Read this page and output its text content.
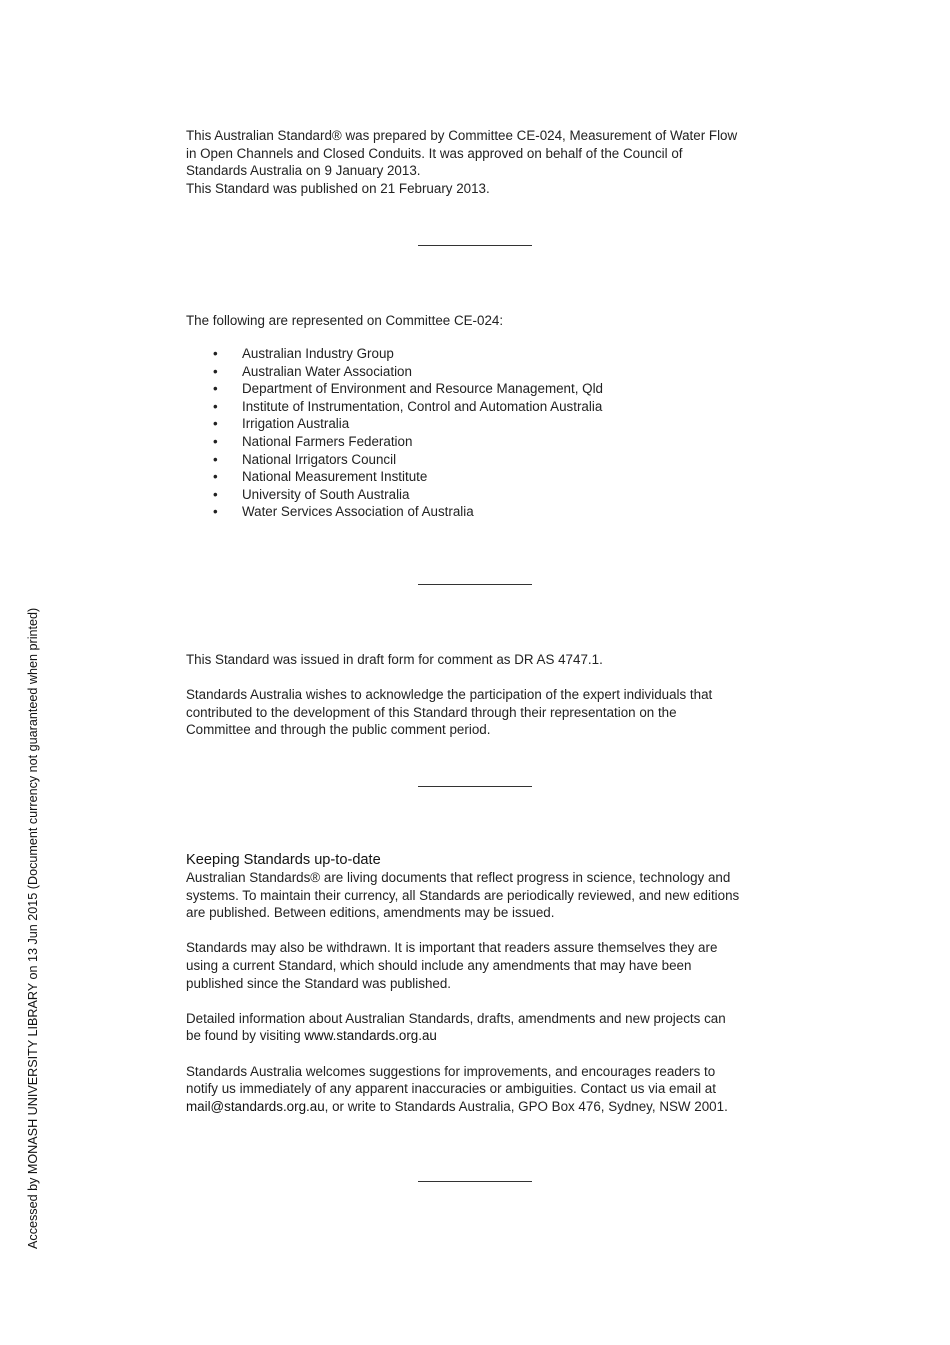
This Australian Standard® was prepared by Committee CE-024, Measurement of Water Flow

in Open Channels and Closed Conduits. It was approved on behalf of the Council of

Standards Australia on 9 January 2013.

This Standard was published on 21 February 2013.

The following are represented on Committee CE-024:

• Australian Industry Group
• Australian Water Association
• Department of Environment and Resource Management, Qld
• Institute of Instrumentation, Control and Automation Australia
• Irrigation Australia
• National Farmers Federation
• National Irrigators Council
• National Measurement Institute
• University of South Australia
• Water Services Association of Australia

This Standard was issued in draft form for comment as DR AS 4747.1.

Standards Australia wishes to acknowledge the participation of the expert individuals that

contributed to the development of this Standard through their representation on the

Committee and through the public comment period.

Keeping Standards up-to-date

Australian Standards® are living documents that reflect progress in science, technology and

systems. To maintain their currency, all Standards are periodically reviewed, and new editions

are published. Between editions, amendments may be issued.

Standards may also be withdrawn. It is important that readers assure themselves they are

using a current Standard, which should include any amendments that may have been

published since the Standard was published.

Detailed information about Australian Standards, drafts, amendments and new projects can

be found by visiting www.standards.org.au

Standards Australia welcomes suggestions for improvements, and encourages readers to

notify us immediately of any apparent inaccuracies or ambiguities. Contact us via email at

mail@standards.org.au, or write to Standards Australia, GPO Box 476, Sydney, NSW 2001.

Accessed by MONASH UNIVERSITY LIBRARY on 13 Jun 2015 (Document currency not guaranteed when printed)
